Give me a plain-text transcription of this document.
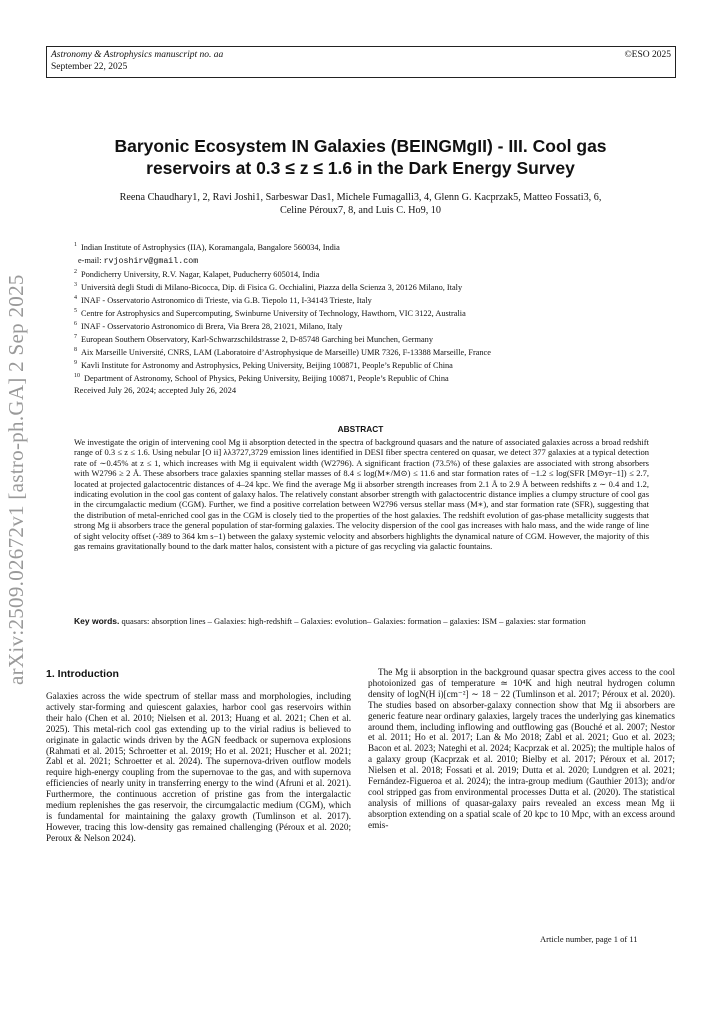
Astronomy & Astrophysics manuscript no. aa
September 22, 2025
©ESO 2025
arXiv:2509.02672v1 [astro-ph.GA] 2 Sep 2025
Baryonic Ecosystem IN Galaxies (BEINGMgII) - III. Cool gas
reservoirs at 0.3 ≤ z ≤ 1.6 in the Dark Energy Survey
Reena Chaudhary1, 2, Ravi Joshi1, Sarbeswar Das1, Michele Fumagalli3, 4, Glenn G. Kacprzak5, Matteo Fossati3, 6,
Celine Péroux7, 8, and Luis C. Ho9, 10
$^1$ Indian Institute of Astrophysics (IIA), Koramangala, Bangalore 560034, India
e-mail: rvjoshirv@gmail.com
$^2$ Pondicherry University, R.V. Nagar, Kalapet, Puducherry 605014, India
$^3$ Università degli Studi di Milano-Bicocca, Dip. di Fisica G. Occhialini, Piazza della Scienza 3, 20126 Milano, Italy
$^4$ INAF - Osservatorio Astronomico di Trieste, via G.B. Tiepolo 11, I-34143 Trieste, Italy
$^5$ Centre for Astrophysics and Supercomputing, Swinburne University of Technology, Hawthorn, VIC 3122, Australia
$^6$ INAF - Osservatorio Astronomico di Brera, Via Brera 28, 21021, Milano, Italy
$^7$ European Southern Observatory, Karl-Schwarzschildstrasse 2, D-85748 Garching bei Munchen, Germany
$^8$ Aix Marseille Université, CNRS, LAM (Laboratoire d’Astrophysique de Marseille) UMR 7326, F-13388 Marseille, France
$^9$ Kavli Institute for Astronomy and Astrophysics, Peking University, Beijing 100871, People’s Republic of China
$^{10}$ Department of Astronomy, School of Physics, Peking University, Beijing 100871, People’s Republic of China
Received July 26, 2024; accepted July 26, 2024
ABSTRACT
We investigate the origin of intervening cool Mg ii absorption detected in the spectra of background quasars and the nature of associated galaxies across a broad redshift range of 0.3 ≤ z ≤ 1.6. Using nebular [O ii] λλ3727,3729 emission lines identified in DESI fiber spectra centered on quasar, we detect 377 galaxies at a typical detection rate of ∼0.45% at z ≤ 1, which increases with Mg ii equivalent width (W2796). A significant fraction (73.5%) of these galaxies are associated with strong absorbers with W2796 ≥ 2 Å. These absorbers trace galaxies spanning stellar masses of 8.4 ≤ log(M∗/M⊙) ≤ 11.6 and star formation rates of −1.2 ≤ log(SFR [M⊙yr−1]) ≤ 2.7, located at projected galactocentric distances of 4–24 kpc. We find the average Mg ii absorber strength increases from 2.1 Å to 2.9 Å between redshifts z ∼ 0.4 and 1.2, indicating evolution in the cool gas content of galaxy halos. The relatively constant absorber strength with galactocentric distance implies a clumpy structure of cool gas in the circumgalactic medium (CGM). Further, we find a positive correlation between W2796 versus stellar mass (M∗), and star formation rate (SFR), suggesting that the distribution of metal-enriched cool gas in the CGM is closely tied to the properties of the host galaxies. The redshift evolution of gas-phase metallicity suggests that strong Mg ii absorbers trace the general population of star-forming galaxies. The velocity dispersion of the cool gas increases with halo mass, and the wide range of line of sight velocity offset (-389 to 364 km s−1) between the galaxy systemic velocity and absorbers highlights the dynamical nature of CGM. However, the majority of this gas remains gravitationally bound to the dark matter halos, consistent with a picture of gas recycling via galactic fountains.
Key words. quasars: absorption lines – Galaxies: high-redshift – Galaxies: evolution– Galaxies: formation – galaxies: ISM – galaxies: star formation
1. Introduction
Galaxies across the wide spectrum of stellar mass and morphologies, including actively star-forming and quiescent galaxies, harbor cool gas reservoirs within their halo (Chen et al. 2010; Nielsen et al. 2013; Huang et al. 2021; Chen et al. 2025). This metal-rich cool gas extending up to the virial radius is believed to originate in galactic winds driven by the AGN feedback or supernova explosions (Rahmati et al. 2015; Schroetter et al. 2019; Ho et al. 2021; Huscher et al. 2021; Zabl et al. 2021; Schroetter et al. 2024). The supernova-driven outflow models require high-energy coupling from the supernovae to the gas, and with supernova efficiencies of nearly unity in transferring energy to the wind (Afruni et al. 2021). Furthermore, the continuous accretion of pristine gas from the intergalactic medium replenishes the gas reservoir, the circumgalactic medium (CGM), which is fundamental for maintaining the galaxy growth (Tumlinson et al. 2017). However, tracing this low-density gas remained challenging (Péroux et al. 2020; Peroux & Nelson 2024).
The Mg ii absorption in the background quasar spectra gives access to the cool photoionized gas of temperature ≃ 10⁴K and high neutral hydrogen column density of logN(H i)[cm⁻²] ∼ 18 − 22 (Tumlinson et al. 2017; Péroux et al. 2020). The studies based on absorber-galaxy connection show that Mg ii absorbers are generic feature near ordinary galaxies, largely traces the underlying gas kinematics around them, including inflowing and outflowing gas (Bouché et al. 2007; Nestor et al. 2011; Ho et al. 2017; Lan & Mo 2018; Zabl et al. 2021; Guo et al. 2023; Bacon et al. 2023; Nateghi et al. 2024; Kacprzak et al. 2025); the multiple halos of a galaxy group (Kacprzak et al. 2010; Bielby et al. 2017; Péroux et al. 2017; Nielsen et al. 2018; Fossati et al. 2019; Dutta et al. 2020; Lundgren et al. 2021; Fernández-Figueroa et al. 2024); the intra-group medium (Gauthier 2013); and/or cool stripped gas from environmental processes Dutta et al. (2020). The statistical analysis of millions of quasar-galaxy pairs revealed an excess mean Mg ii absorption extending on a spatial scale of 20 kpc to 10 Mpc, with an excess around emis-
Article number, page 1 of 11
